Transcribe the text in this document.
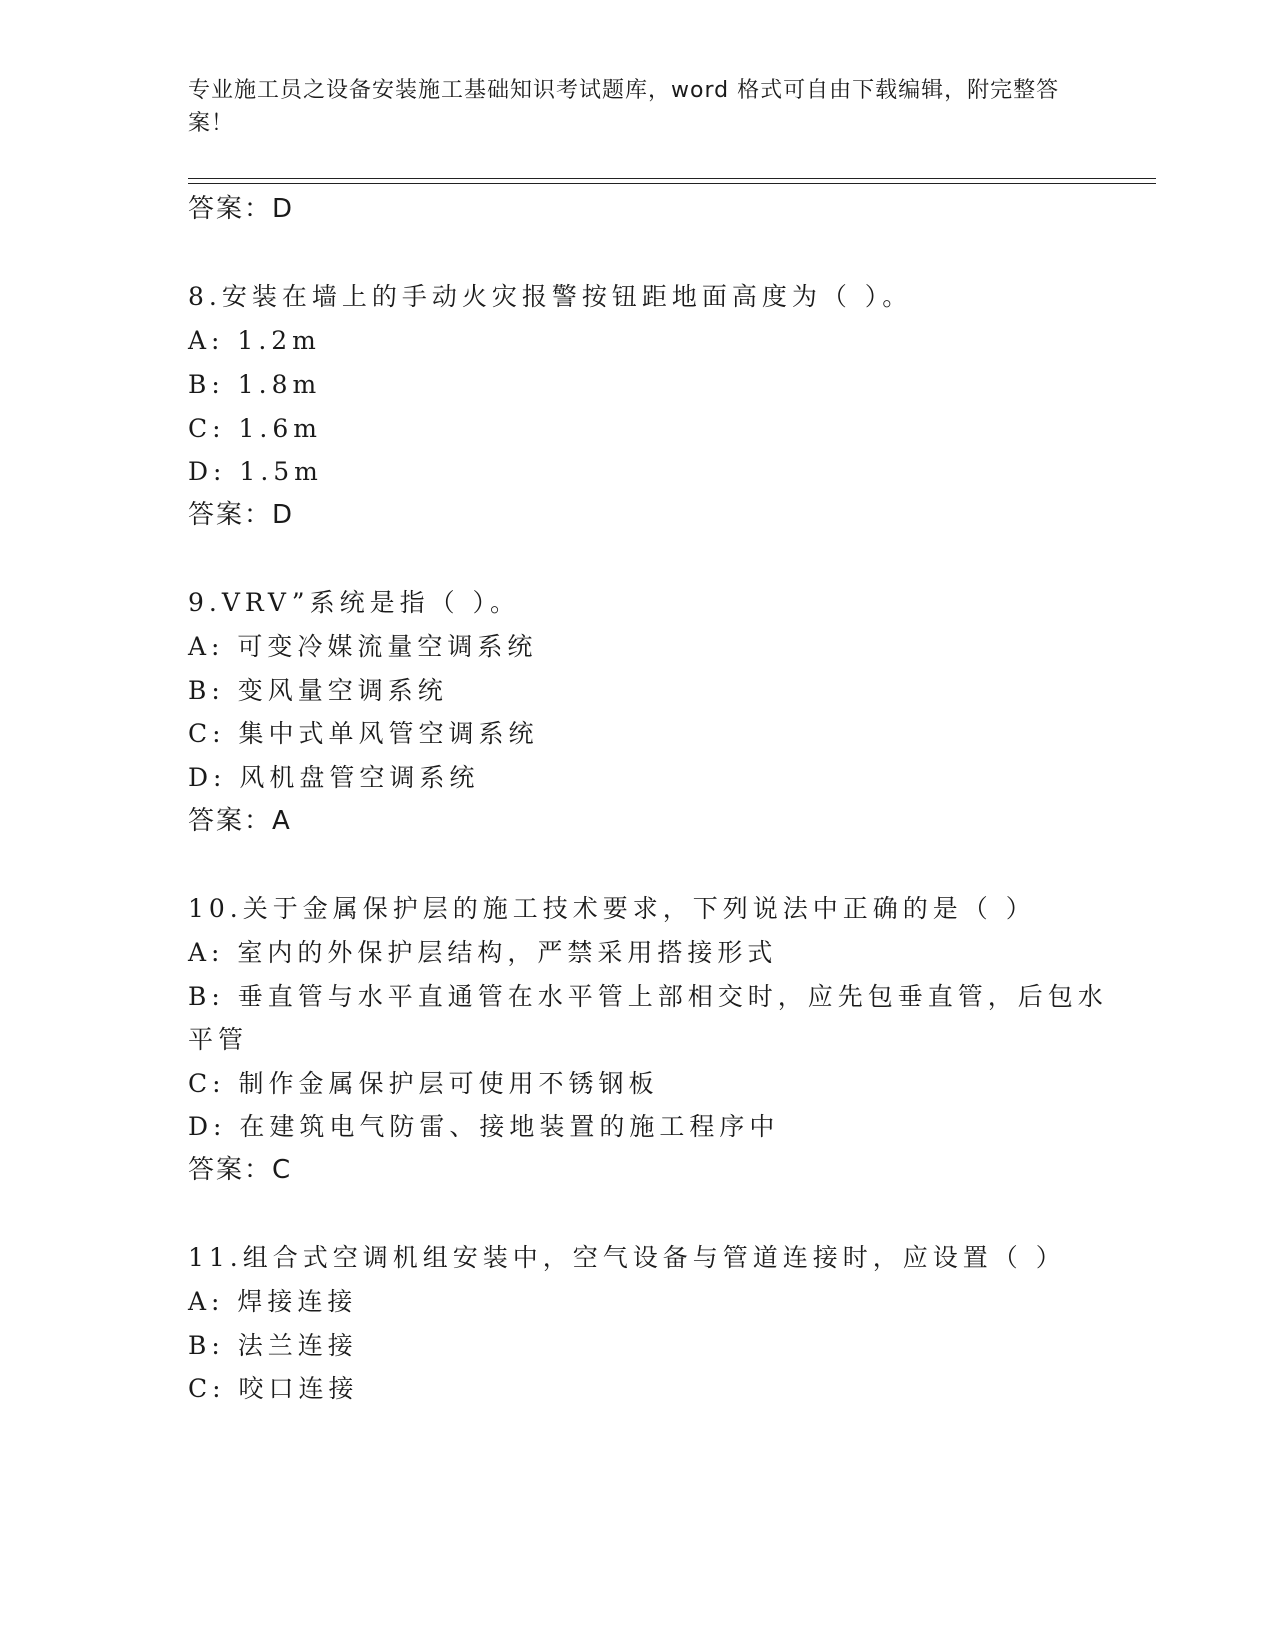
专业施工员之设备安装施工基础知识考试题库，word 格式可自由下载编辑，附完整答案！
答案：D
8.安装在墙上的手动火灾报警按钮距地面高度为（ ）。
A: 1.2m
B: 1.8m
C: 1.6m
D: 1.5m
答案：D
9.VRV”系统是指（ ）。
A: 可变冷媒流量空调系统
B: 变风量空调系统
C: 集中式单风管空调系统
D: 风机盘管空调系统
答案：A
10.关于金属保护层的施工技术要求，下列说法中正确的是（ ）
A: 室内的外保护层结构，严禁采用搭接形式
B: 垂直管与水平直通管在水平管上部相交时，应先包垂直管，后包水
平管
C: 制作金属保护层可使用不锈钢板
D: 在建筑电气防雷、接地装置的施工程序中
答案：C
11.组合式空调机组安装中，空气设备与管道连接时，应设置（ ）
A: 焊接连接
B: 法兰连接
C: 咬口连接
